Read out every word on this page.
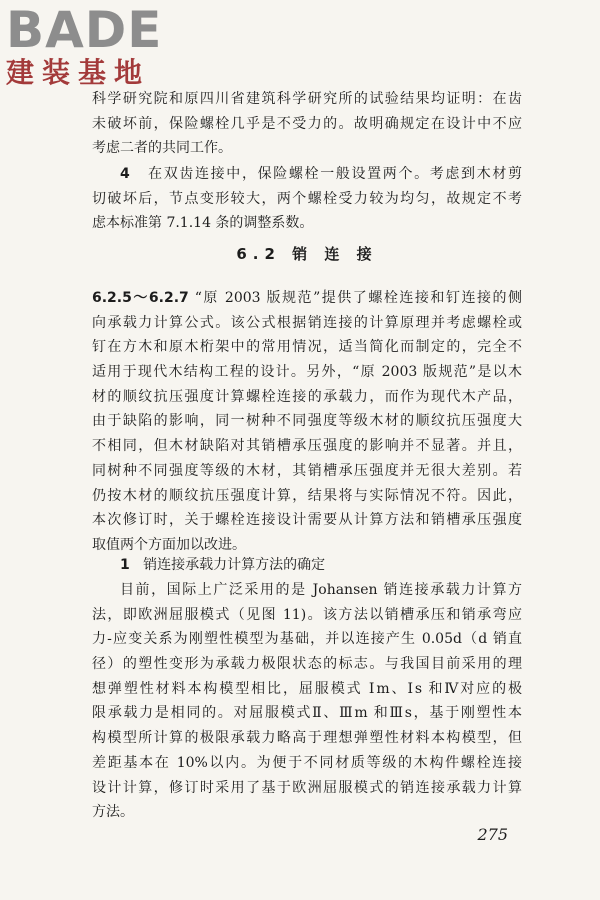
BADE
建装基地
科学研究院和原四川省建筑科学研究所的试验结果均证明：在齿
未破坏前，保险螺栓几乎是不受力的。故明确规定在设计中不应
考虑二者的共同工作。
4 在双齿连接中，保险螺栓一般设置两个。考虑到木材剪
切破坏后，节点变形较大，两个螺栓受力较为均匀，故规定不考
虑本标准第 7.1.14 条的调整系数。
6.2 销 连 接
6.2.5～6.2.7 “原 2003 版规范”提供了螺栓连接和钉连接的侧
向承载力计算公式。该公式根据销连接的计算原理并考虑螺栓或
钉在方木和原木桁架中的常用情况，适当简化而制定的，完全不
适用于现代木结构工程的设计。另外，“原 2003 版规范”是以木
材的顺纹抗压强度计算螺栓连接的承载力，而作为现代木产品，
由于缺陷的影响，同一树种不同强度等级木材的顺纹抗压强度大
不相同，但木材缺陷对其销槽承压强度的影响并不显著。并且，
同树种不同强度等级的木材，其销槽承压强度并无很大差别。若
仍按木材的顺纹抗压强度计算，结果将与实际情况不符。因此，
本次修订时，关于螺栓连接设计需要从计算方法和销槽承压强度
取值两个方面加以改进。
1 销连接承载力计算方法的确定
目前，国际上广泛采用的是 Johansen 销连接承载力计算方
法，即欧洲屈服模式（见图 11)。该方法以销槽承压和销承弯应
力-应变关系为刚塑性模型为基础，并以连接产生 0.05d（d 销直
径）的塑性变形为承载力极限状态的标志。与我国目前采用的理
想弹塑性材料本构模型相比，屈服模式 Ⅰm、Ⅰs 和Ⅳ对应的极
限承载力是相同的。对屈服模式Ⅱ、Ⅲm 和Ⅲs，基于刚塑性本
构模型所计算的极限承载力略高于理想弹塑性材料本构模型，但
差距基本在 10%以内。为便于不同材质等级的木构件螺栓连接
设计计算，修订时采用了基于欧洲屈服模式的销连接承载力计算
方法。
275
